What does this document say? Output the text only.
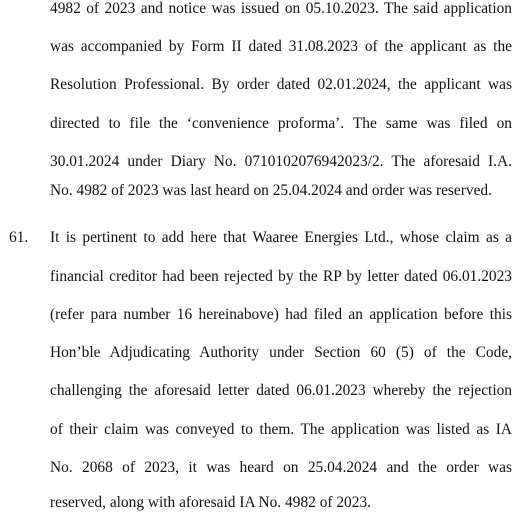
4982 of 2023 and notice was issued on 05.10.2023. The said application
was accompanied by Form II dated 31.08.2023 of the applicant as the
Resolution Professional. By order dated 02.01.2024, the applicant was
directed to file the ‘convenience proforma’. The same was filed on
30.01.2024 under Diary No. 0710102076942023/2. The aforesaid I.A.
No. 4982 of 2023 was last heard on 25.04.2024 and order was reserved.
61. It is pertinent to add here that Waaree Energies Ltd., whose claim as a
financial creditor had been rejected by the RP by letter dated 06.01.2023
(refer para number 16 hereinabove) had filed an application before this
Hon’ble Adjudicating Authority under Section 60 (5) of the Code,
challenging the aforesaid letter dated 06.01.2023 whereby the rejection
of their claim was conveyed to them. The application was listed as IA
No. 2068 of 2023, it was heard on 25.04.2024 and the order was
reserved, along with aforesaid IA No. 4982 of 2023.
